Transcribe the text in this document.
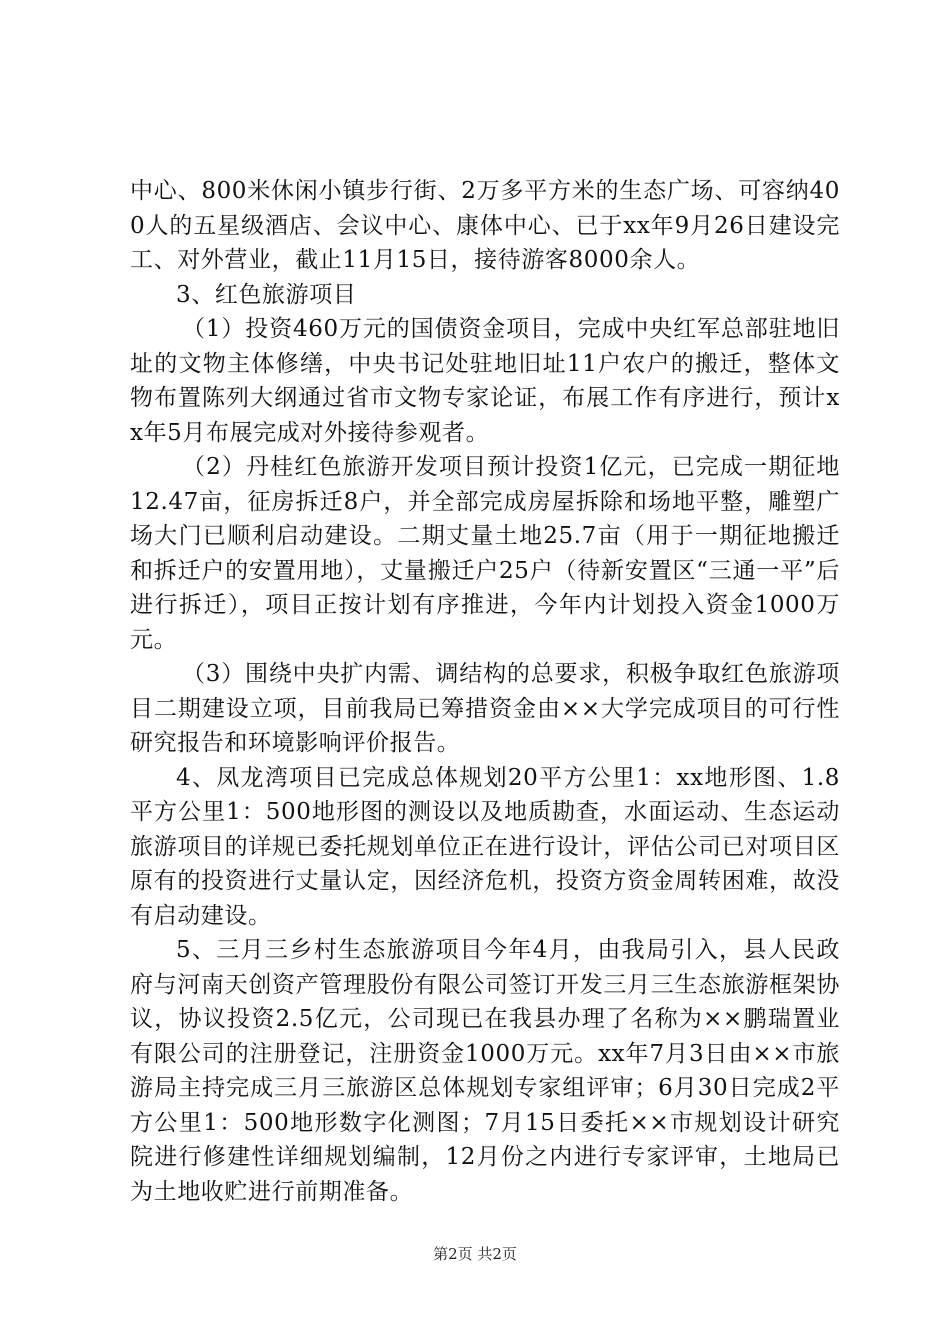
中心、800米休闲小镇步行街、2万多平方米的生态广场、可容纳400人的五星级酒店、会议中心、康体中心、已于xx年9月26日建设完工、对外营业，截止11月15日，接待游客8000余人。

3、红色旅游项目

（1）投资460万元的国债资金项目，完成中央红军总部驻地旧址的文物主体修缮，中央书记处驻地旧址11户农户的搬迁，整体文物布置陈列大纲通过省市文物专家论证，布展工作有序进行，预计xx年5月布展完成对外接待参观者。

（2）丹桂红色旅游开发项目预计投资1亿元，已完成一期征地12.47亩，征房拆迁8户，并全部完成房屋拆除和场地平整，雕塑广场大门已顺利启动建设。二期丈量土地25.7亩（用于一期征地搬迁和拆迁户的安置用地），丈量搬迁户25户（待新安置区“三通一平”后进行拆迁），项目正按计划有序推进，今年内计划投入资金1000万元。

（3）围绕中央扩内需、调结构的总要求，积极争取红色旅游项目二期建设立项，目前我局已筹措资金由××大学完成项目的可行性研究报告和环境影响评价报告。

4、凤龙湾项目已完成总体规划20平方公里1：xx地形图、1.8平方公里1：500地形图的测设以及地质勘查，水面运动、生态运动旅游项目的详规已委托规划单位正在进行设计，评估公司已对项目区原有的投资进行丈量认定，因经济危机，投资方资金周转困难，故没有启动建设。

5、三月三乡村生态旅游项目今年4月，由我局引入，县人民政府与河南天创资产管理股份有限公司签订开发三月三生态旅游框架协议，协议投资2.5亿元，公司现已在我县办理了名称为××鹏瑞置业有限公司的注册登记，注册资金1000万元。xx年7月3日由××市旅游局主持完成三月三旅游区总体规划专家组评审；6月30日完成2平方公里1：500地形数字化测图；7月15日委托××市规划设计研究院进行修建性详细规划编制，12月份之内进行专家评审，土地局已为土地收贮进行前期准备。

第2页 共2页
